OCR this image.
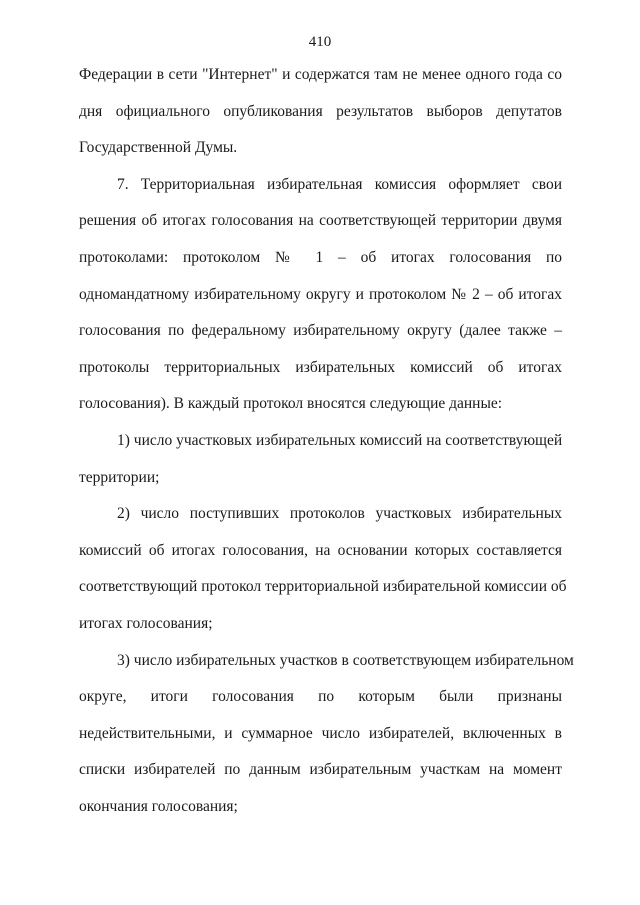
410
Федерации в сети "Интернет" и содержатся там не менее одного года со
дня официального опубликования результатов выборов депутатов
Государственной Думы.
7. Территориальная избирательная комиссия оформляет свои
решения об итогах голосования на соответствующей территории двумя
протоколами: протоколом № 1 – об итогах голосования по
одномандатному избирательному округу и протоколом № 2 – об итогах
голосования по федеральному избирательному округу (далее также –
протоколы территориальных избирательных комиссий об итогах
голосования). В каждый протокол вносятся следующие данные:
1) число участковых избирательных комиссий на соответствующей
территории;
2) число поступивших протоколов участковых избирательных
комиссий об итогах голосования, на основании которых составляется
соответствующий протокол территориальной избирательной комиссии об
итогах голосования;
3) число избирательных участков в соответствующем избирательном
округе, итоги голосования по которым были признаны
недействительными, и суммарное число избирателей, включенных в
списки избирателей по данным избирательным участкам на момент
окончания голосования;
